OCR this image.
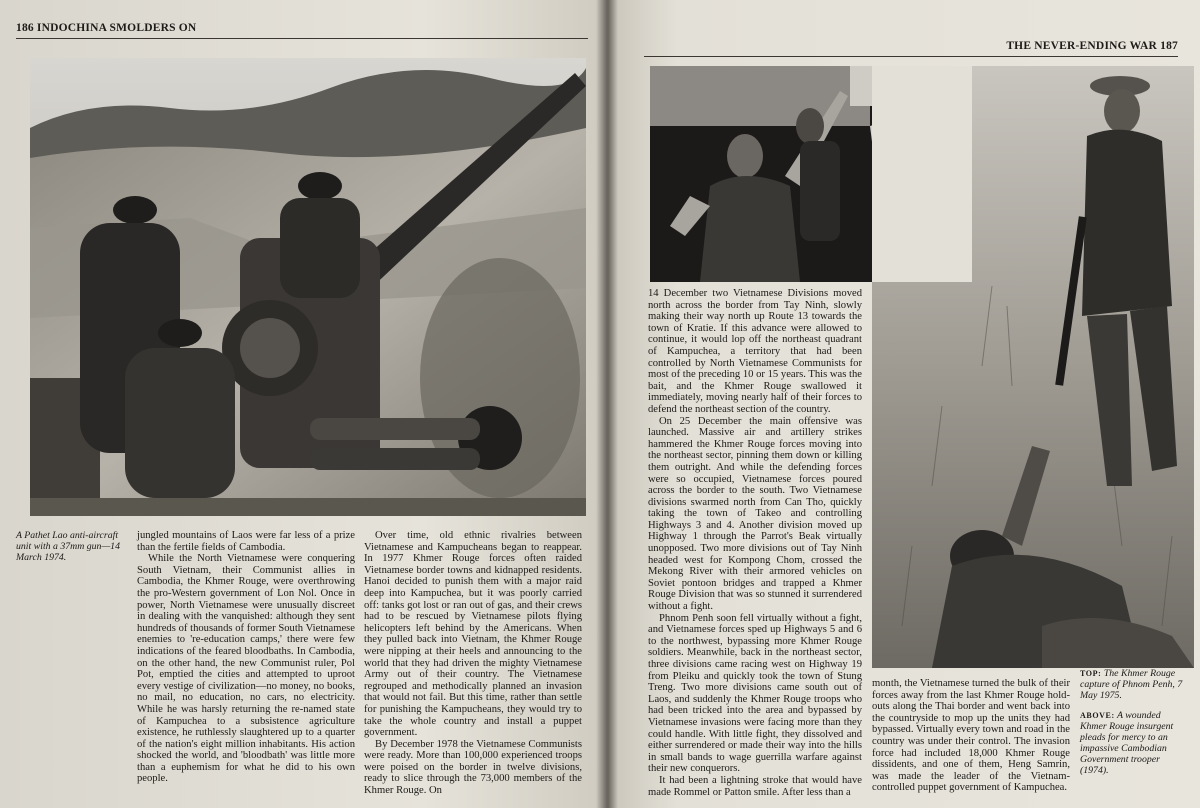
186 INDOCHINA SMOLDERS ON
A Pathet Lao anti-aircraft unit with a 37mm gun—14 March 1974.

jungled mountains of Laos were far less of a prize than the fertile fields of Cambodia.

While the North Vietnamese were conquering South Vietnam, their Communist allies in Cambodia, the Khmer Rouge, were overthrowing the pro-Western government of Lon Nol. Once in power, North Vietnamese were unusually discreet in dealing with the vanquished: although they sent hundreds of thousands of former South Vietnamese enemies to 're-education camps,' there were few indications of the feared bloodbaths. In Cambodia, on the other hand, the new Communist ruler, Pol Pot, emptied the cities and attempted to uproot every vestige of civilization—no money, no books, no mail, no education, no cars, no electricity. While he was harsly returning the re-named state of Kampuchea to a subsistence agriculture existence, he ruthlessly slaughtered up to a quarter of the nation's eight million inhabitants. His action shocked the world, and 'bloodbath' was little more than a euphemism for what he did to his own people.

Over time, old ethnic rivalries between Vietnamese and Kampucheans began to reappear. In 1977 Khmer Rouge forces often raided Vietnamese border towns and kidnapped residents. Hanoi decided to punish them with a major raid deep into Kampuchea, but it was poorly carried off: tanks got lost or ran out of gas, and their crews had to be rescued by Vietnamese pilots flying helicopters left behind by the Americans. When they pulled back into Vietnam, the Khmer Rouge were nipping at their heels and announcing to the world that they had driven the mighty Vietnamese Army out of their country. The Vietnamese regrouped and methodically planned an invasion that would not fail. But this time, rather than settle for punishing the Kampucheans, they would try to take the whole country and install a puppet government.

By December 1978 the Vietnamese Communists were ready. More than 100,000 experienced troops were poised on the border in twelve divisions, ready to slice through the 73,000 members of the Khmer Rouge. On

THE NEVER-ENDING WAR 187

14 December two Vietnamese Divisions moved north across the border from Tay Ninh, slowly making their way north up Route 13 towards the town of Kratie. If this advance were allowed to continue, it would lop off the northeast quadrant of Kampuchea, a territory that had been controlled by North Vietnamese Communists for most of the preceding 10 or 15 years. This was the bait, and the Khmer Rouge swallowed it immediately, moving nearly half of their forces to defend the northeast section of the country.

On 25 December the main offensive was launched. Massive air and artillery strikes hammered the Khmer Rouge forces moving into the northeast sector, pinning them down or killing them outright. And while the defending forces were so occupied, Vietnamese forces poured across the border to the south. Two Vietnamese divisions swarmed north from Can Tho, quickly taking the town of Takeo and controlling Highways 3 and 4. Another division moved up Highway 1 through the Parrot's Beak virtually unopposed. Two more divisions out of Tay Ninh headed west for Kompong Chom, crossed the Mekong River with their armored vehicles on Soviet pontoon bridges and trapped a Khmer Rouge Division that was so stunned it surrendered without a fight.

Phnom Penh soon fell virtually without a fight, and Vietnamese forces sped up Highways 5 and 6 to the northwest, bypassing more Khmer Rouge soldiers. Meanwhile, back in the northeast sector, three divisions came racing west on Highway 19 from Pleiku and quickly took the town of Stung Treng. Two more divisions came south out of Laos, and suddenly the Khmer Rouge troops who had been tricked into the area and bypassed by Vietnamese invasions were facing more than they could handle. With little fight, they dissolved and either surrendered or made their way into the hills in small bands to wage guerrilla warfare against their new conquerors.

It had been a lightning stroke that would have made Rommel or Patton smile. After less than a

month, the Vietnamese turned the bulk of their forces away from the last Khmer Rouge hold-outs along the Thai border and went back into the countryside to mop up the units they had bypassed. Virtually every town and road in the country was under their control. The invasion force had included 18,000 Khmer Rouge dissidents, and one of them, Heng Samrin, was made the leader of the Vietnam-controlled puppet government of Kampuchea.

TOP: The Khmer Rouge capture of Phnom Penh, 7 May 1975.
ABOVE: A wounded Khmer Rouge insurgent pleads for mercy to an impassive Cambodian Government trooper (1974).
